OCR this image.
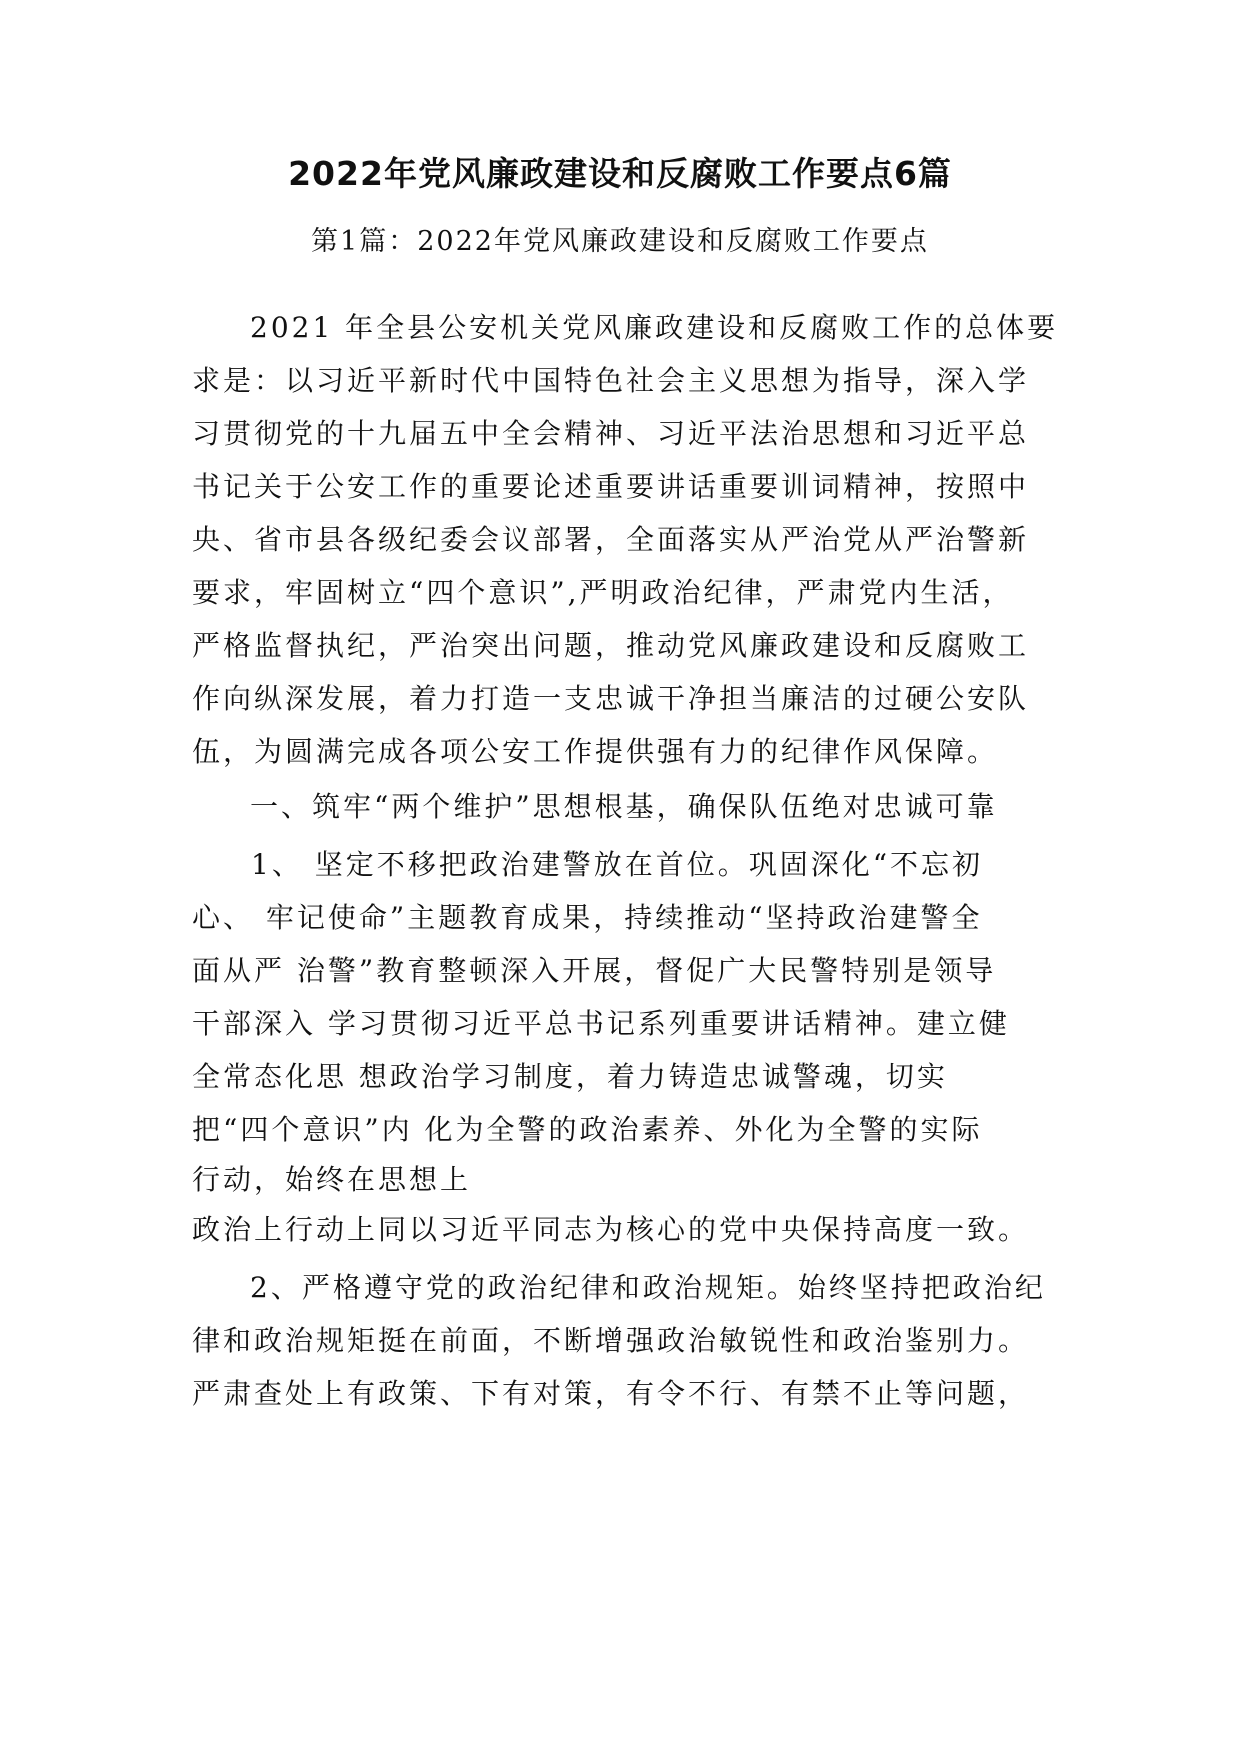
2022年党风廉政建设和反腐败工作要点6篇
第1篇：2022年党风廉政建设和反腐败工作要点
2021 年全县公安机关党风廉政建设和反腐败工作的总体要
求是：以习近平新时代中国特色社会主义思想为指导，深入学
习贯彻党的十九届五中全会精神、习近平法治思想和习近平总
书记关于公安工作的重要论述重要讲话重要训词精神，按照中
央、省市县各级纪委会议部署，全面落实从严治党从严治警新
要求，牢固树立“四个意识”,严明政治纪律，严肃党内生活，
严格监督执纪，严治突出问题，推动党风廉政建设和反腐败工
作向纵深发展，着力打造一支忠诚干净担当廉洁的过硬公安队
伍，为圆满完成各项公安工作提供强有力的纪律作风保障。
一、筑牢“两个维护”思想根基，确保队伍绝对忠诚可靠
1、 坚定不移把政治建警放在首位。巩固深化“不忘初
心、 牢记使命”主题教育成果，持续推动“坚持政治建警全
面从严 治警”教育整顿深入开展，督促广大民警特别是领导
干部深入 学习贯彻习近平总书记系列重要讲话精神。建立健
全常态化思 想政治学习制度，着力铸造忠诚警魂，切实
把“四个意识”内 化为全警的政治素养、外化为全警的实际
行动，始终在思想上
政治上行动上同以习近平同志为核心的党中央保持高度一致。
2、严格遵守党的政治纪律和政治规矩。始终坚持把政治纪
律和政治规矩挺在前面，不断增强政治敏锐性和政治鉴别力。
严肃查处上有政策、下有对策，有令不行、有禁不止等问题，
